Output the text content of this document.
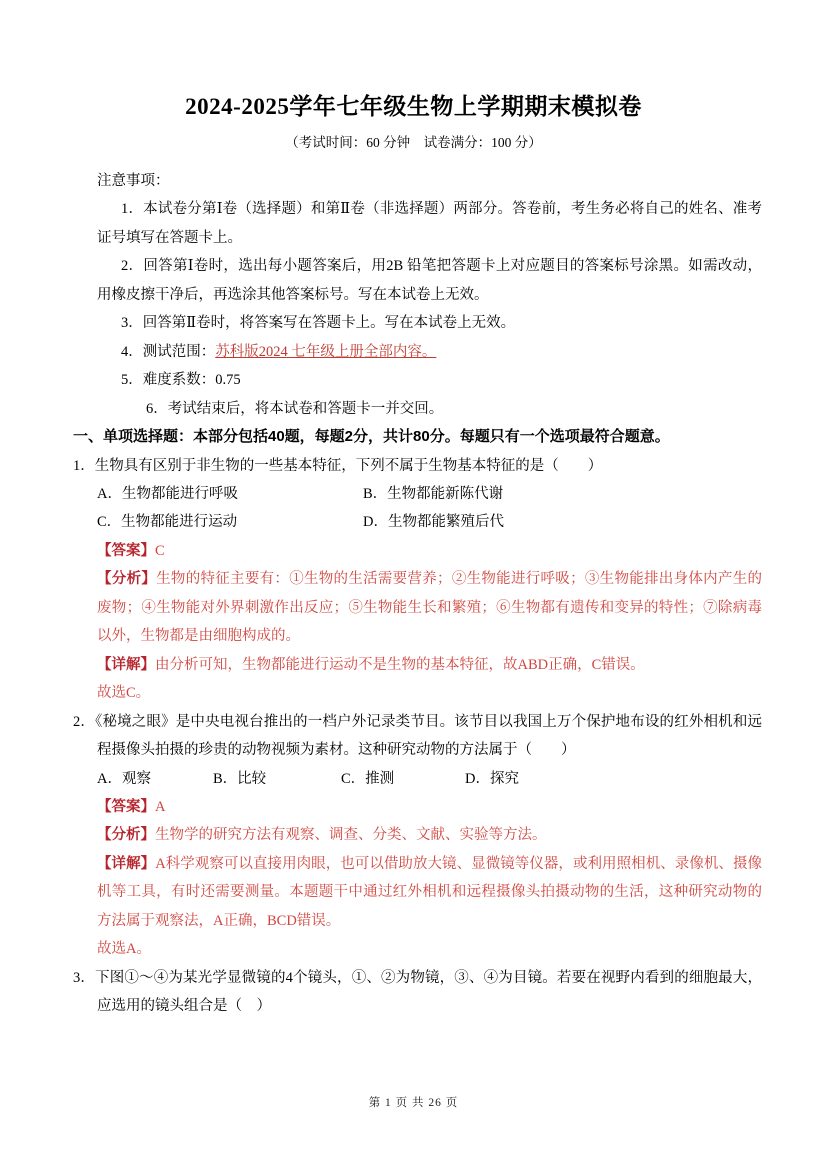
2024-2025学年七年级生物上学期期末模拟卷
（考试时间：60 分钟　试卷满分：100 分）

注意事项：

1．本试卷分第Ⅰ卷（选择题）和第Ⅱ卷（非选择题）两部分。答卷前，考生务必将自己的姓名、准考证号填写在答题卡上。

2．回答第Ⅰ卷时，选出每小题答案后，用2B 铅笔把答题卡上对应题目的答案标号涂黑。如需改动，用橡皮擦干净后，再选涂其他答案标号。写在本试卷上无效。

3．回答第Ⅱ卷时，将答案写在答题卡上。写在本试卷上无效。

4．测试范围：苏科版2024 七年级上册全部内容。

5．难度系数：0.75

6．考试结束后，将本试卷和答题卡一并交回。

一、单项选择题：本部分包括40题，每题2分，共计80分。每题只有一个选项最符合题意。

1．生物具有区别于非生物的一些基本特征，下列不属于生物基本特征的是（　　）

A．生物都能进行呼吸	B．生物都能新陈代谢

C．生物都能进行运动	D．生物都能繁殖后代

【答案】C

【分析】生物的特征主要有：①生物的生活需要营养；②生物能进行呼吸；③生物能排出身体内产生的废物；④生物能对外界刺激作出反应；⑤生物能生长和繁殖；⑥生物都有遗传和变异的特性；⑦除病毒以外，生物都是由细胞构成的。

【详解】由分析可知，生物都能进行运动不是生物的基本特征，故ABD正确，C错误。

故选C。

2．《秘境之眼》是中央电视台推出的一档户外记录类节目。该节目以我国上万个保护地布设的红外相机和远程摄像头拍摄的珍贵的动物视频为素材。这种研究动物的方法属于（　　）

A．观察	B．比较	C．推测	D．探究

【答案】A

【分析】生物学的研究方法有观察、调查、分类、文献、实验等方法。

【详解】A科学观察可以直接用肉眼，也可以借助放大镜、显微镜等仪器，或利用照相机、录像机、摄像机等工具，有时还需要测量。本题题干中通过红外相机和远程摄像头拍摄动物的生活，这种研究动物的方法属于观察法，A正确，BCD错误。

故选A。

3．下图①～④为某光学显微镜的4个镜头，①、②为物镜，③、④为目镜。若要在视野内看到的细胞最大，应选用的镜头组合是（　）

第 1 页 共 26 页
